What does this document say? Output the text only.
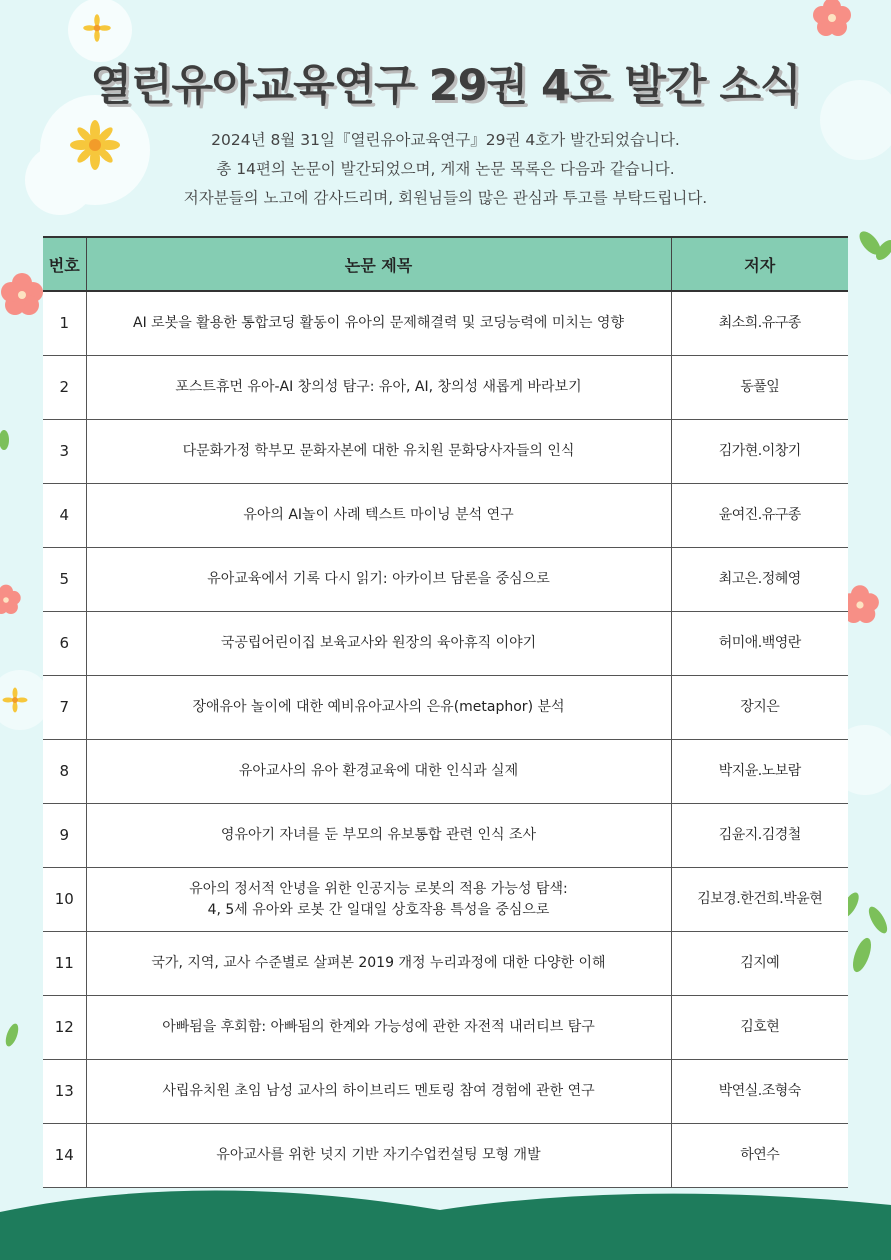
열린유아교육연구 29권 4호 발간 소식
2024년 8월 31일『열린유아교육연구』29권 4호가 발간되었습니다.
총 14편의 논문이 발간되었으며, 게재 논문 목록은 다음과 같습니다.
저자분들의 노고에 감사드리며, 회원님들의 많은 관심과 투고를 부탁드립니다.
번호	논문 제목	저자
1	AI 로봇을 활용한 통합코딩 활동이 유아의 문제해결력 및 코딩능력에 미치는 영향	최소희.유구종
2	포스트휴먼 유아-AI 창의성 탐구: 유아, AI, 창의성 새롭게 바라보기	동풀잎
3	다문화가정 학부모 문화자본에 대한 유치원 문화당사자들의 인식	김가현.이창기
4	유아의 AI놀이 사례 텍스트 마이닝 분석 연구	윤여진.유구종
5	유아교육에서 기록 다시 읽기: 아카이브 담론을 중심으로	최고은.정혜영
6	국공립어린이집 보육교사와 원장의 육아휴직 이야기	허미애.백영란
7	장애유아 놀이에 대한 예비유아교사의 은유(metaphor) 분석	장지은
8	유아교사의 유아 환경교육에 대한 인식과 실제	박지윤.노보람
9	영유아기 자녀를 둔 부모의 유보통합 관련 인식 조사	김윤지.김경철
10	유아의 정서적 안녕을 위한 인공지능 로봇의 적용 가능성 탐색:
4, 5세 유아와 로봇 간 일대일 상호작용 특성을 중심으로	김보경.한건희.박윤현
11	국가, 지역, 교사 수준별로 살펴본 2019 개정 누리과정에 대한 다양한 이해	김지예
12	아빠됨을 후회함: 아빠됨의 한계와 가능성에 관한 자전적 내러티브 탐구	김호현
13	사립유치원 초임 남성 교사의 하이브리드 멘토링 참여 경험에 관한 연구	박연실.조형숙
14	유아교사를 위한 넛지 기반 자기수업컨설팅 모형 개발	하연수
